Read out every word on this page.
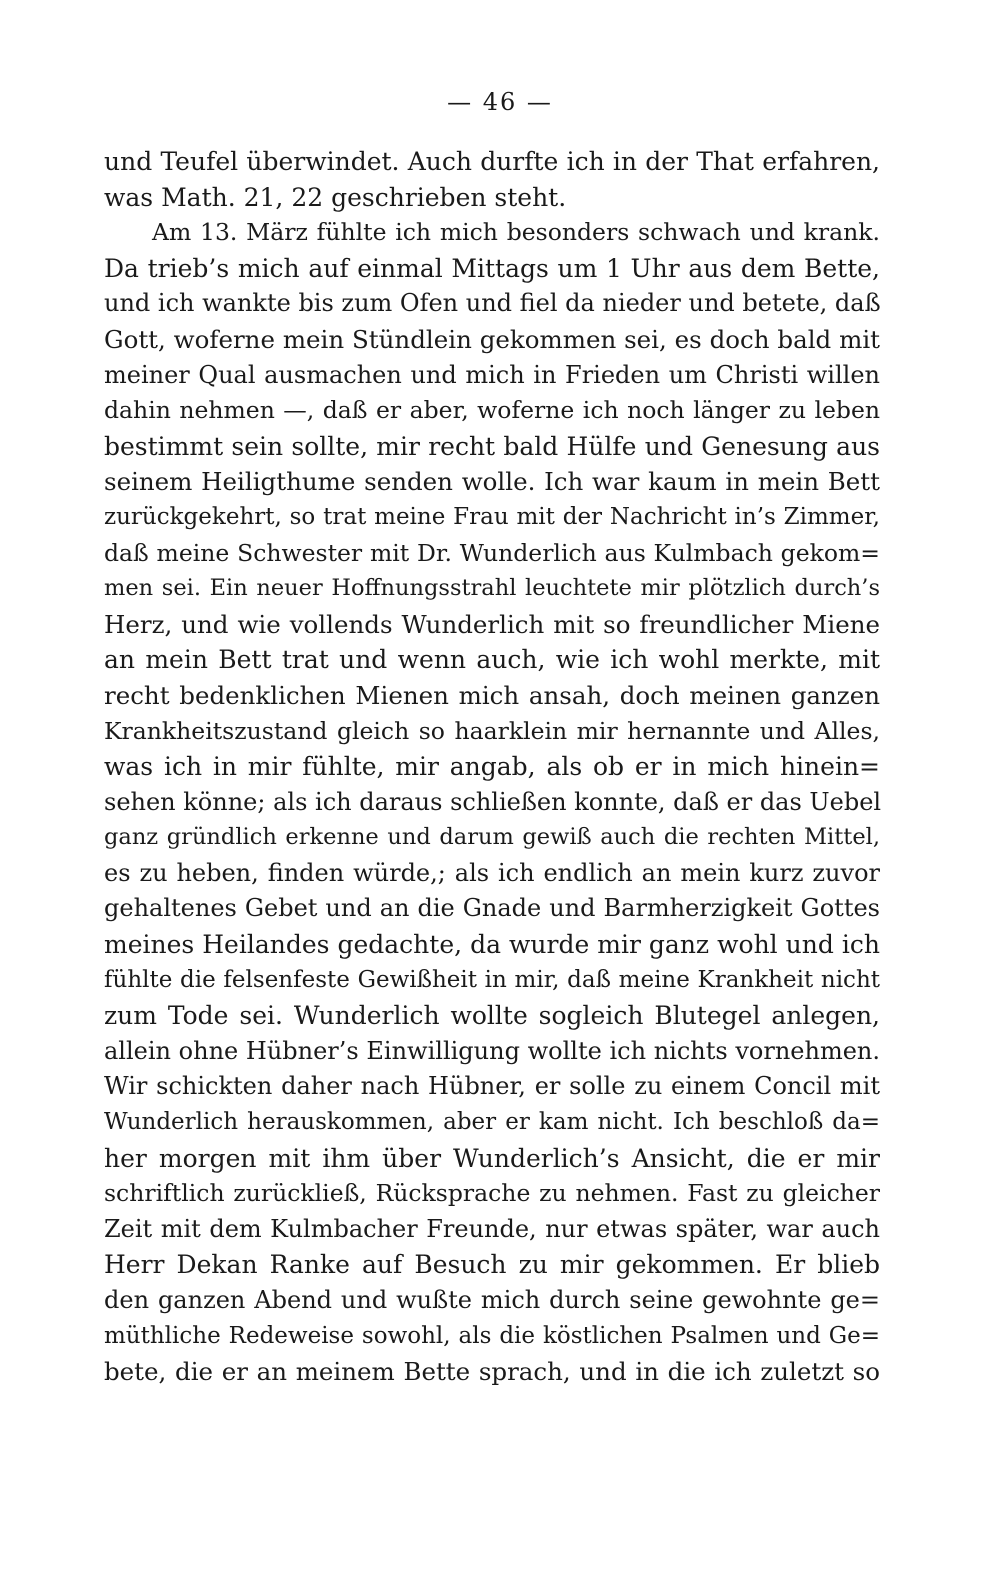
— 46 —
und Teufel überwindet. Auch durfte ich in der That erfahren,
was Math. 21, 22 geschrieben steht.
Am 13. März fühlte ich mich besonders schwach und krank.
Da trieb’s mich auf einmal Mittags um 1 Uhr aus dem Bette,
und ich wankte bis zum Ofen und fiel da nieder und betete, daß
Gott, woferne mein Stündlein gekommen sei, es doch bald mit
meiner Qual ausmachen und mich in Frieden um Christi willen
dahin nehmen —, daß er aber, woferne ich noch länger zu leben
bestimmt sein sollte, mir recht bald Hülfe und Genesung aus
seinem Heiligthume senden wolle. Ich war kaum in mein Bett
zurückgekehrt, so trat meine Frau mit der Nachricht in’s Zimmer,
daß meine Schwester mit Dr. Wunderlich aus Kulmbach gekom=
men sei. Ein neuer Hoffnungsstrahl leuchtete mir plötzlich durch’s
Herz, und wie vollends Wunderlich mit so freundlicher Miene
an mein Bett trat und wenn auch, wie ich wohl merkte, mit
recht bedenklichen Mienen mich ansah, doch meinen ganzen
Krankheitszustand gleich so haarklein mir hernannte und Alles,
was ich in mir fühlte, mir angab, als ob er in mich hinein=
sehen könne; als ich daraus schließen konnte, daß er das Uebel
ganz gründlich erkenne und darum gewiß auch die rechten Mittel,
es zu heben, finden würde,; als ich endlich an mein kurz zuvor
gehaltenes Gebet und an die Gnade und Barmherzigkeit Gottes
meines Heilandes gedachte, da wurde mir ganz wohl und ich
fühlte die felsenfeste Gewißheit in mir, daß meine Krankheit nicht
zum Tode sei. Wunderlich wollte sogleich Blutegel anlegen,
allein ohne Hübner’s Einwilligung wollte ich nichts vornehmen.
Wir schickten daher nach Hübner, er solle zu einem Concil mit
Wunderlich herauskommen, aber er kam nicht. Ich beschloß da=
her morgen mit ihm über Wunderlich’s Ansicht, die er mir
schriftlich zurückließ, Rücksprache zu nehmen. Fast zu gleicher
Zeit mit dem Kulmbacher Freunde, nur etwas später, war auch
Herr Dekan Ranke auf Besuch zu mir gekommen. Er blieb
den ganzen Abend und wußte mich durch seine gewohnte ge=
müthliche Redeweise sowohl, als die köstlichen Psalmen und Ge=
bete, die er an meinem Bette sprach, und in die ich zuletzt so
